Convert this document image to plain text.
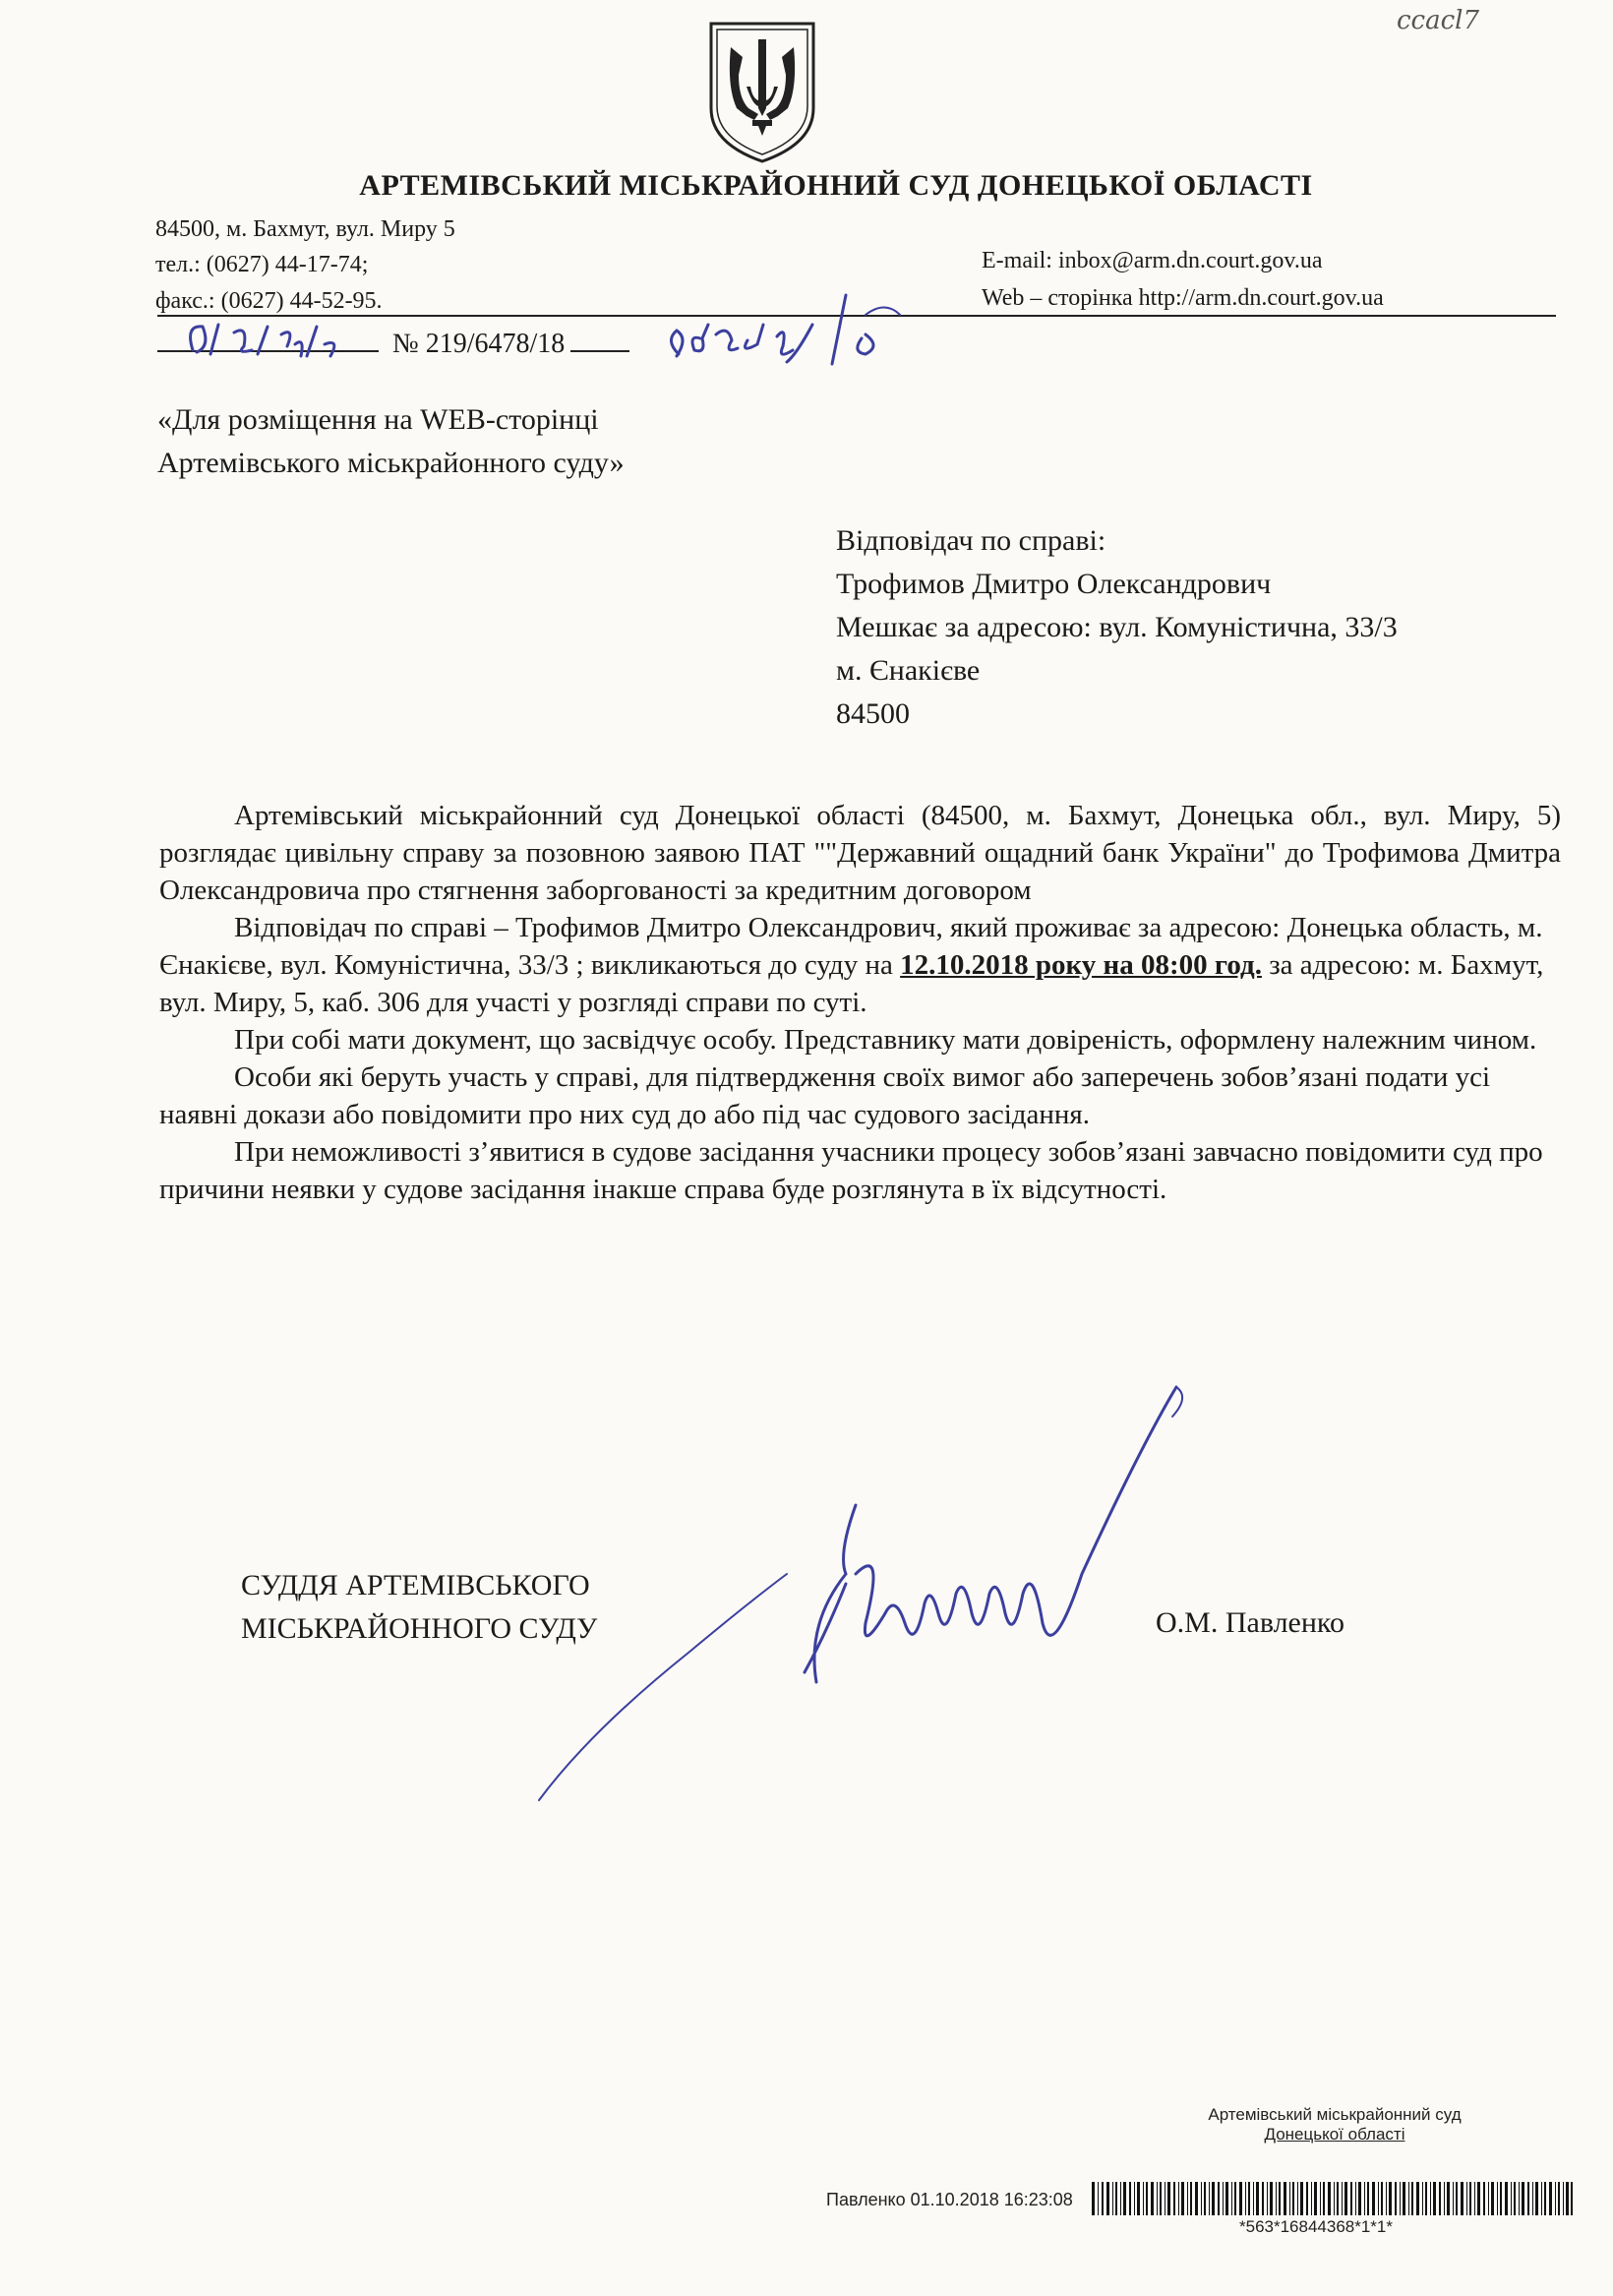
ccacl7
АРТЕМІВСЬКИЙ МІСЬКРАЙОННИЙ СУД ДОНЕЦЬКОЇ ОБЛАСТІ
84500, м. Бахмут, вул. Миру 5
тел.: (0627) 44-17-74;
факс.: (0627) 44-52-95.
E-mail: inbox@arm.dn.court.gov.ua
Web – сторінка http://arm.dn.court.gov.ua
№ 219/6478/18
«Для розміщення на WEB-сторінці
Артемівського міськрайонного суду»
Відповідач по справі:
Трофимов Дмитро Олександрович
Мешкає за адресою: вул. Комуністична, 33/3
м. Єнакієве
84500

Артемівський міськрайонний суд Донецької області (84500, м. Бахмут, Донецька обл., вул. Миру, 5) розглядає цивільну справу за позовною заявою ПАТ ""Державний ощадний банк України" до Трофимова Дмитра Олександровича про стягнення заборгованості за кредитним договором

Відповідач по справі – Трофимов Дмитро Олександрович, який проживає за адресою: Донецька область, м. Єнакієве, вул. Комуністична, 33/3 ; викликаються до суду на 12.10.2018 року на 08:00 год. за адресою: м. Бахмут, вул. Миру, 5, каб. 306 для участі у розгляді справи по суті.

При собі мати документ, що засвідчує особу. Представнику мати довіреність, оформлену належним чином.

Особи які беруть участь у справі, для підтвердження своїх вимог або заперечень зобов’язані подати усі наявні докази або повідомити про них суд до або під час судового засідання.

При неможливості з’явитися в судове засідання учасники процесу зобов’язані завчасно повідомити суд про причини неявки у судове засідання інакше справа буде розглянута в їх відсутності.

СУДДЯ АРТЕМІВСЬКОГО
МІСЬКРАЙОННОГО СУДУ	О.М. Павленко
Артемівський міськрайонний суд
Донецької області
Павленко 01.10.2018 16:23:08
*563*16844368*1*1*
